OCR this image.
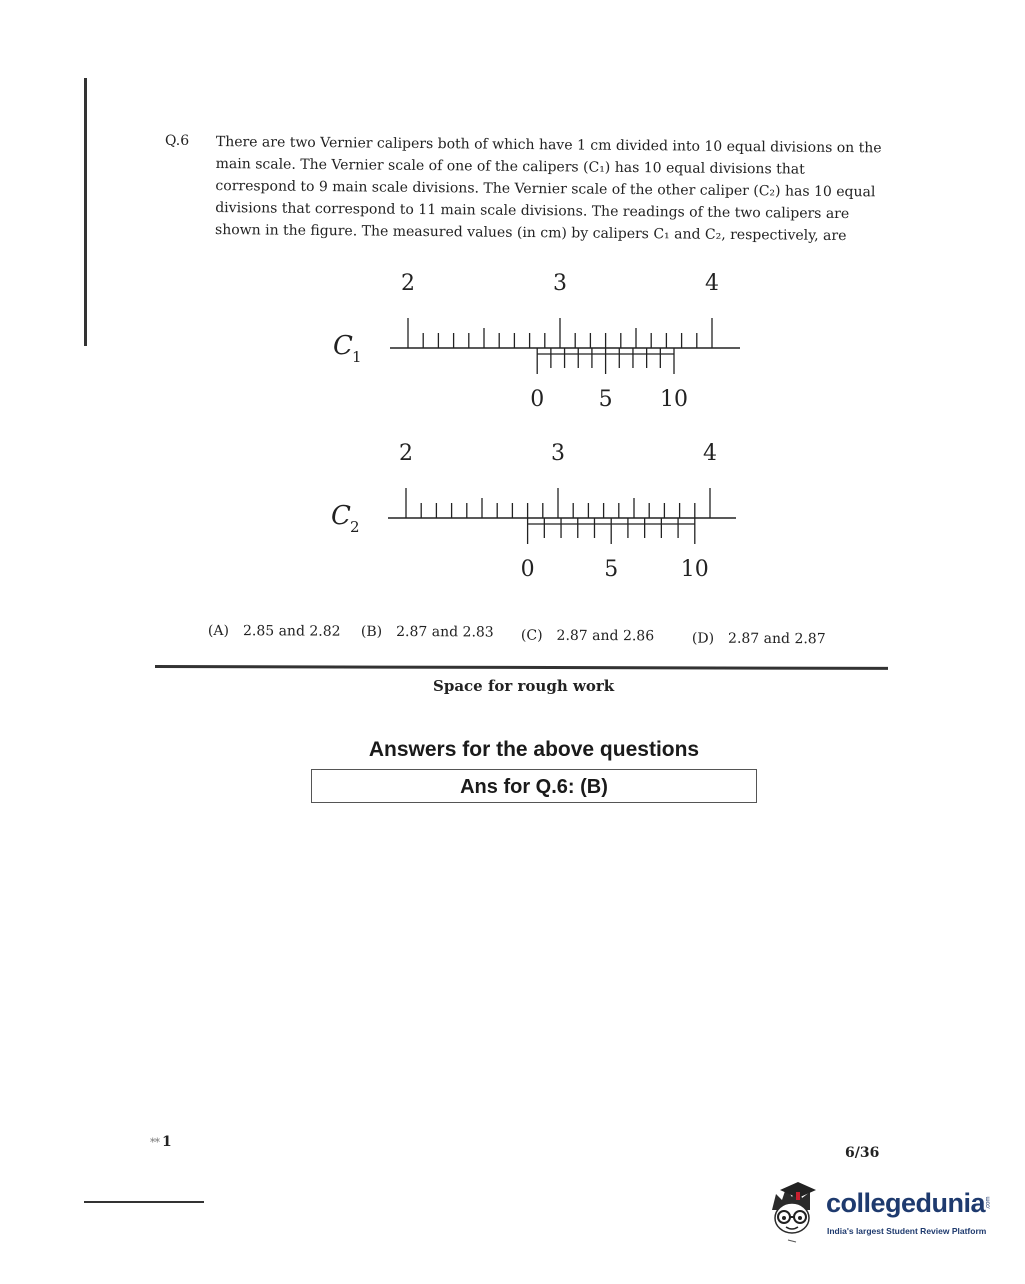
Q.6 There are two Vernier calipers both of which have 1 cm divided into 10 equal divisions on the
main scale. The Vernier scale of one of the calipers (C₁) has 10 equal divisions that
correspond to 9 main scale divisions. The Vernier scale of the other caliper (C₂) has 10 equal
divisions that correspond to 11 main scale divisions. The readings of the two calipers are
shown in the figure. The measured values (in cm) by calipers C₁ and C₂, respectively, are
2	3	4
0 5 10
C 1
2	3	4
0	5	10
C 2
(A) 2.85 and 2.82 (B) 2.87 and 2.83 (C) 2.87 and 2.86	(D) 2.87 and 2.87
Space for rough work
Answers for the above questions
Ans for Q.6: (B)
** 1
6/36
collegedunia .com
India's largest Student Review Platform
